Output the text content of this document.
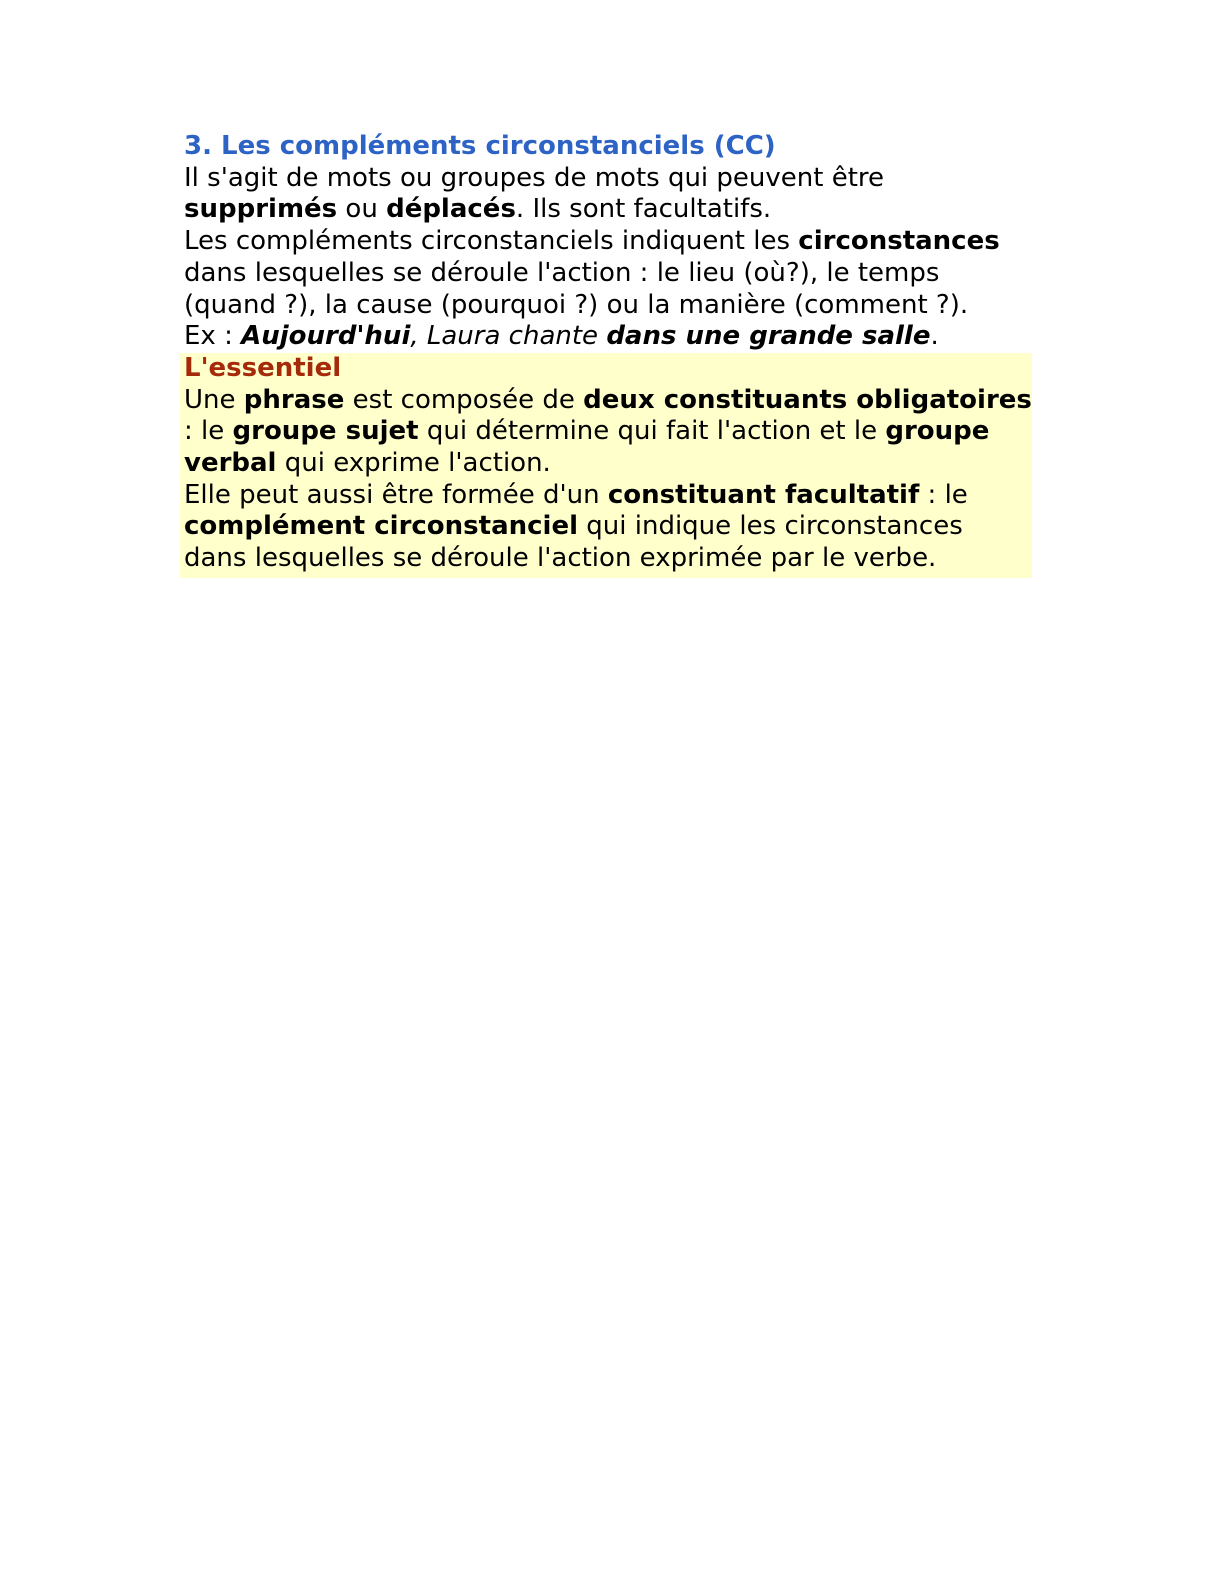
3. Les compléments circonstanciels (CC)

Il s'agit de mots ou groupes de mots qui peuvent être supprimés ou déplacés. Ils sont facultatifs.

Les compléments circonstanciels indiquent les circonstances dans lesquelles se déroule l'action : le lieu (où?), le temps (quand ?), la cause (pourquoi ?) ou la manière (comment ?).

Ex : Aujourd'hui, Laura chante dans une grande salle.

L'essentiel

Une phrase est composée de deux constituants obligatoires : le groupe sujet qui détermine qui fait l'action et le groupe verbal qui exprime l'action.

Elle peut aussi être formée d'un constituant facultatif : le complément circonstanciel qui indique les circonstances dans lesquelles se déroule l'action exprimée par le verbe.
